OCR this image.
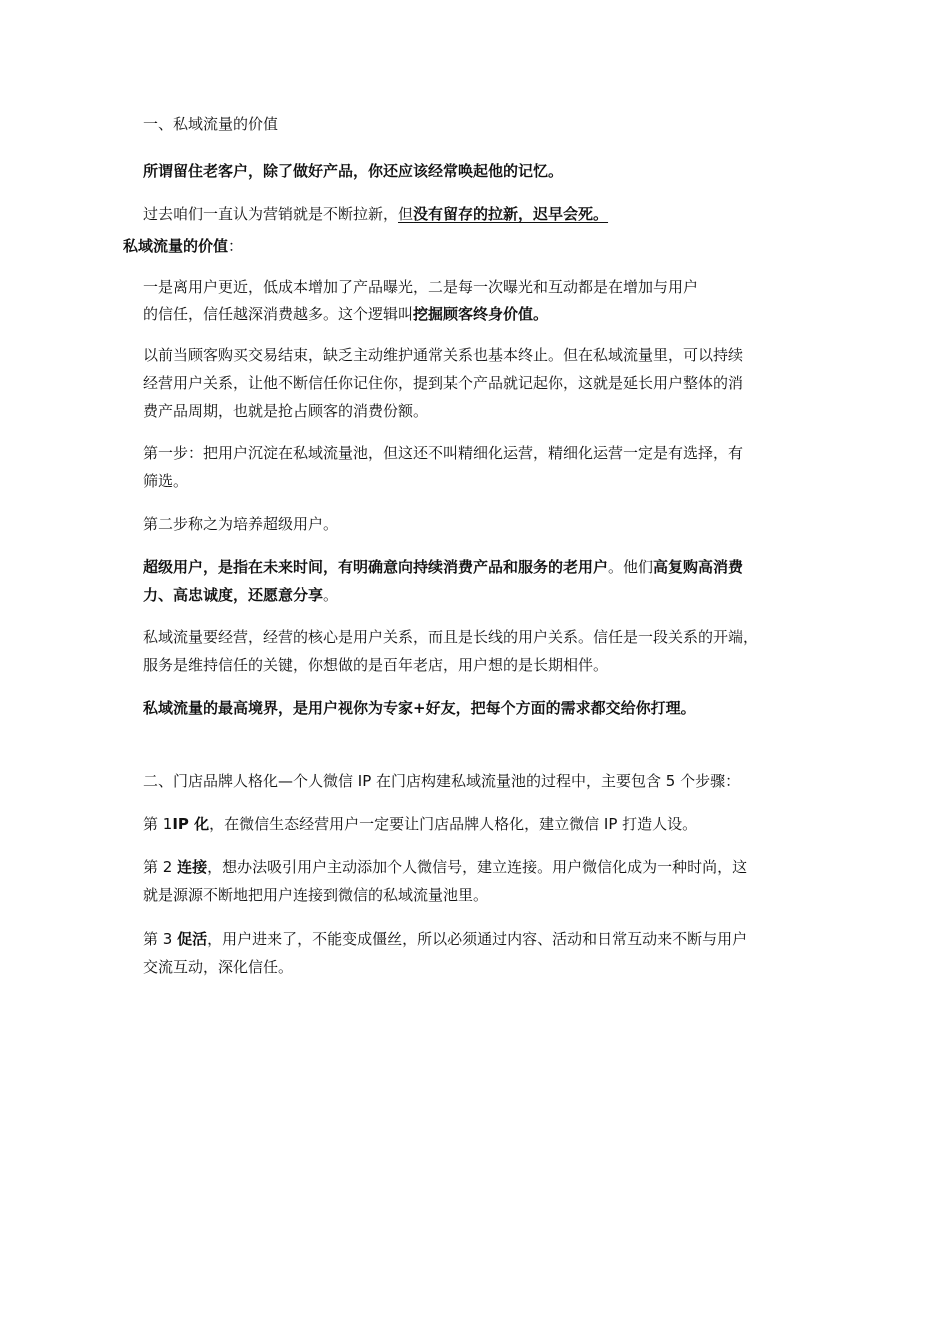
一、私域流量的价值
所谓留住老客户，除了做好产品，你还应该经常唤起他的记忆。
过去咱们一直认为营销就是不断拉新，但没有留存的拉新，迟早会死。
私域流量的价值：
一是离用户更近，低成本增加了产品曝光，二是每一次曝光和互动都是在增加与用户
的信任，信任越深消费越多。这个逻辑叫挖掘顾客终身价值。
以前当顾客购买交易结束，缺乏主动维护通常关系也基本终止。但在私域流量里，可以持续
经营用户关系，让他不断信任你记住你，提到某个产品就记起你，这就是延长用户整体的消
费产品周期，也就是抢占顾客的消费份额。
第一步：把用户沉淀在私域流量池，但这还不叫精细化运营，精细化运营一定是有选择，有
筛选。
第二步称之为培养超级用户。
超级用户，是指在未来时间，有明确意向持续消费产品和服务的老用户。他们高复购高消费
力、高忠诚度，还愿意分享。
私域流量要经营，经营的核心是用户关系，而且是长线的用户关系。信任是一段关系的开端，
服务是维持信任的关键，你想做的是百年老店，用户想的是长期相伴。
私域流量的最高境界，是用户视你为专家+好友，把每个方面的需求都交给你打理。
二、门店品牌人格化—个人微信 IP 在门店构建私域流量池的过程中，主要包含 5 个步骤：
第 1IP 化，在微信生态经营用户一定要让门店品牌人格化，建立微信 IP 打造人设。
第 2 连接，想办法吸引用户主动添加个人微信号，建立连接。用户微信化成为一种时尚，这
就是源源不断地把用户连接到微信的私域流量池里。
第 3 促活，用户进来了，不能变成僵丝，所以必须通过内容、活动和日常互动来不断与用户
交流互动，深化信任。
